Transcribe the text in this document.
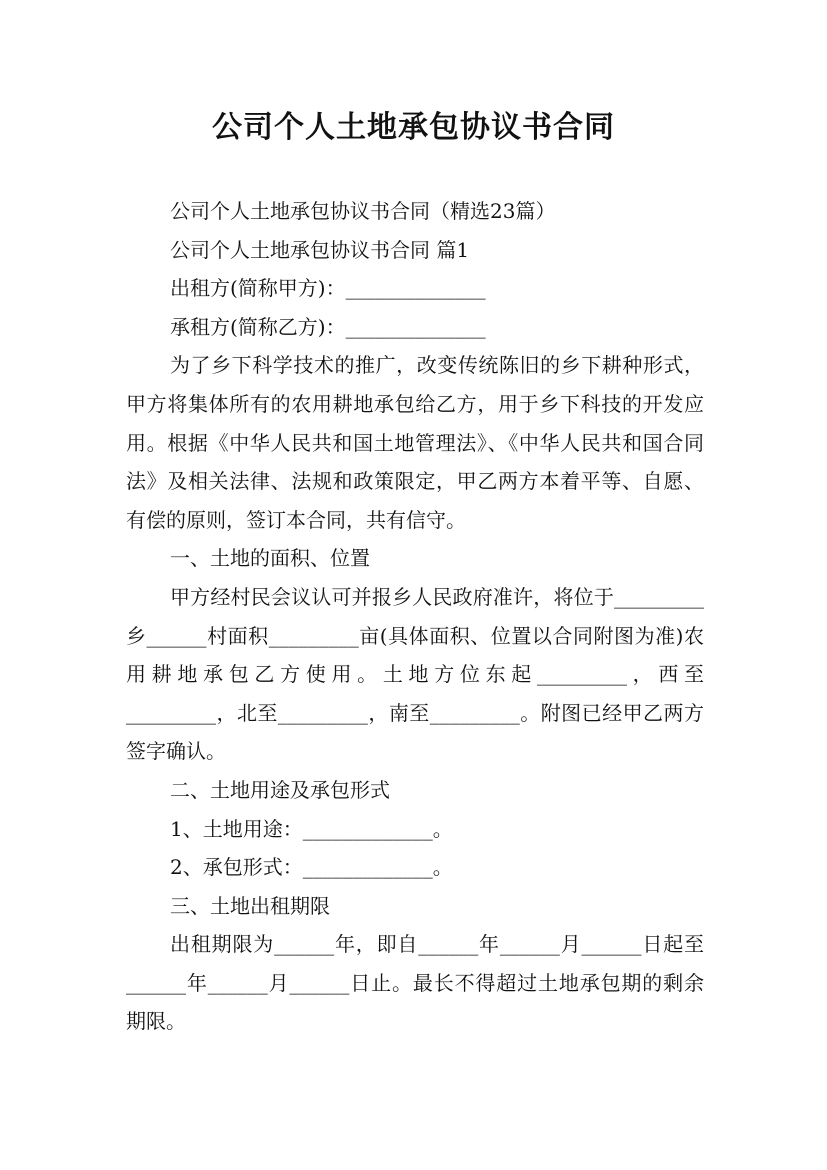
公司个人土地承包协议书合同

公司个人土地承包协议书合同（精选23篇）

公司个人土地承包协议书合同 篇1

出租方(简称甲方)：______________

承租方(简称乙方)：______________

为了乡下科学技术的推广，改变传统陈旧的乡下耕种形式，甲方将集体所有的农用耕地承包给乙方，用于乡下科技的开发应用。根据《中华人民共和国土地管理法》、《中华人民共和国合同法》及相关法律、法规和政策限定，甲乙两方本着平等、自愿、有偿的原则，签订本合同，共有信守。

一、土地的面积、位置

甲方经村民会议认可并报乡人民政府准许，将位于_________乡______村面积_________亩(具体面积、位置以合同附图为准)农用耕地承包乙方使用。土地方位东起_________，西至_________，北至_________，南至_________。附图已经甲乙两方签字确认。

二、土地用途及承包形式

1、土地用途：_____________。

2、承包形式：_____________。

三、土地出租期限

出租期限为______年，即自______年______月______日起至______年______月______日止。最长不得超过土地承包期的剩余期限。
